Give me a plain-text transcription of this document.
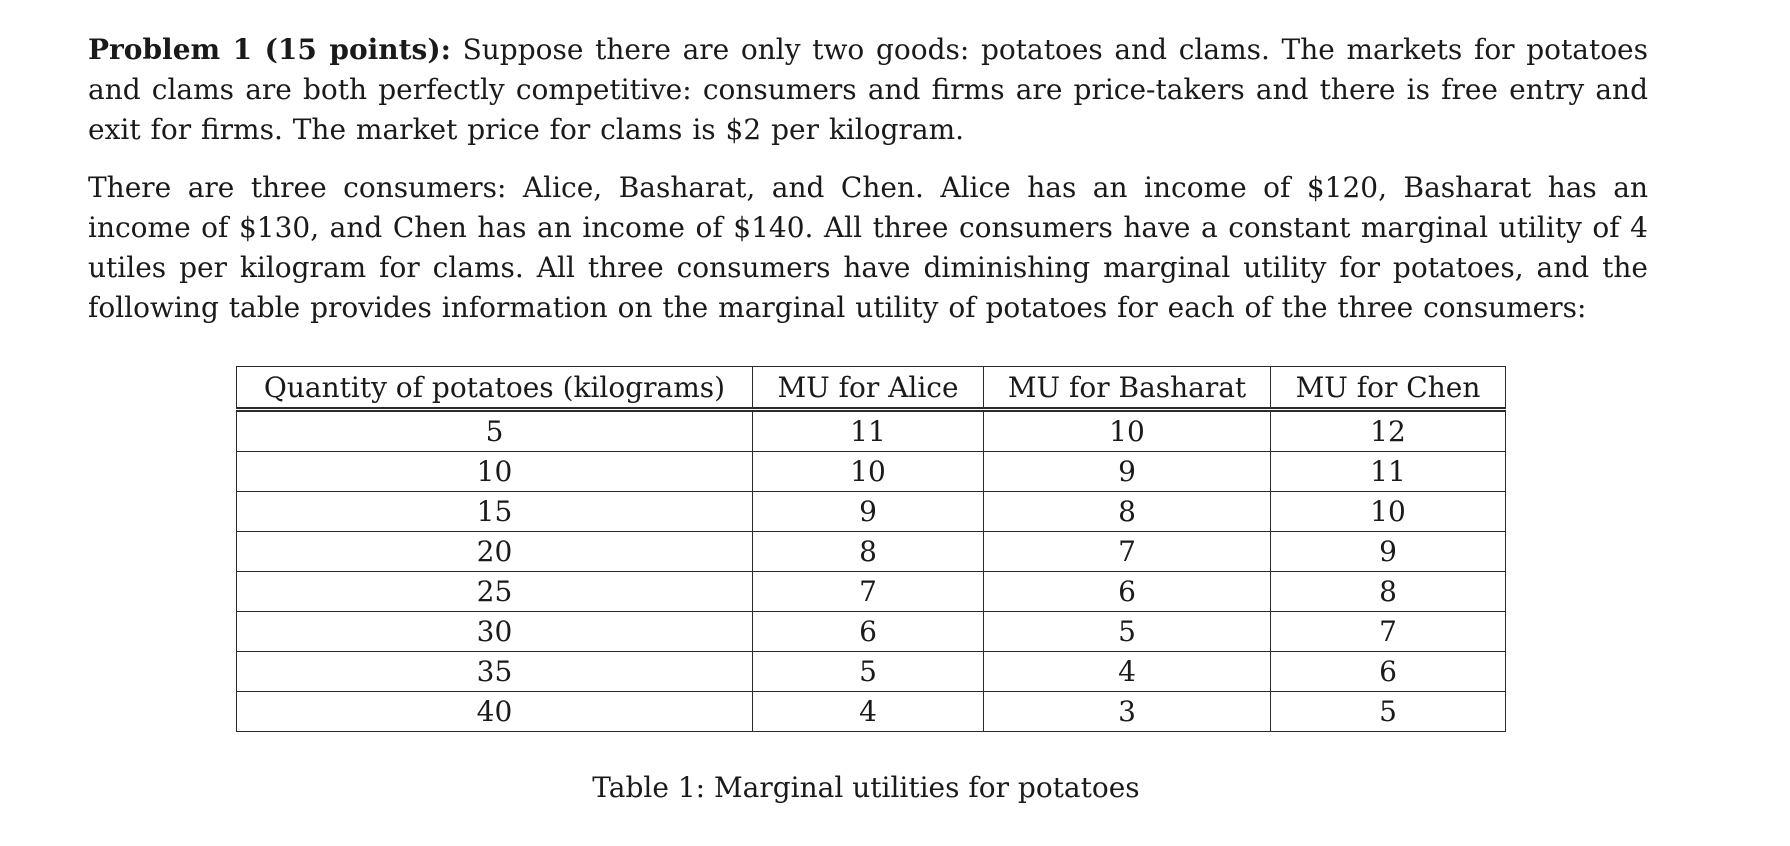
Problem 1 (15 points): Suppose there are only two goods: potatoes and clams. The markets for potatoes and clams are both perfectly competitive: consumers and firms are price-takers and there is free entry and exit for firms. The market price for clams is $2 per kilogram.

There are three consumers: Alice, Basharat, and Chen. Alice has an income of $120, Basharat has an income of $130, and Chen has an income of $140. All three consumers have a constant marginal utility of 4 utiles per kilogram for clams. All three consumers have diminishing marginal utility for potatoes, and the following table provides information on the marginal utility of potatoes for each of the three consumers:

Quantity of potatoes (kilograms)	MU for Alice	MU for Basharat	MU for Chen
5	11	10	12
10	10	9	11
15	9	8	10
20	8	7	9
25	7	6	8
30	6	5	7
35	5	4	6
40	4	3	5
Table 1: Marginal utilities for potatoes
